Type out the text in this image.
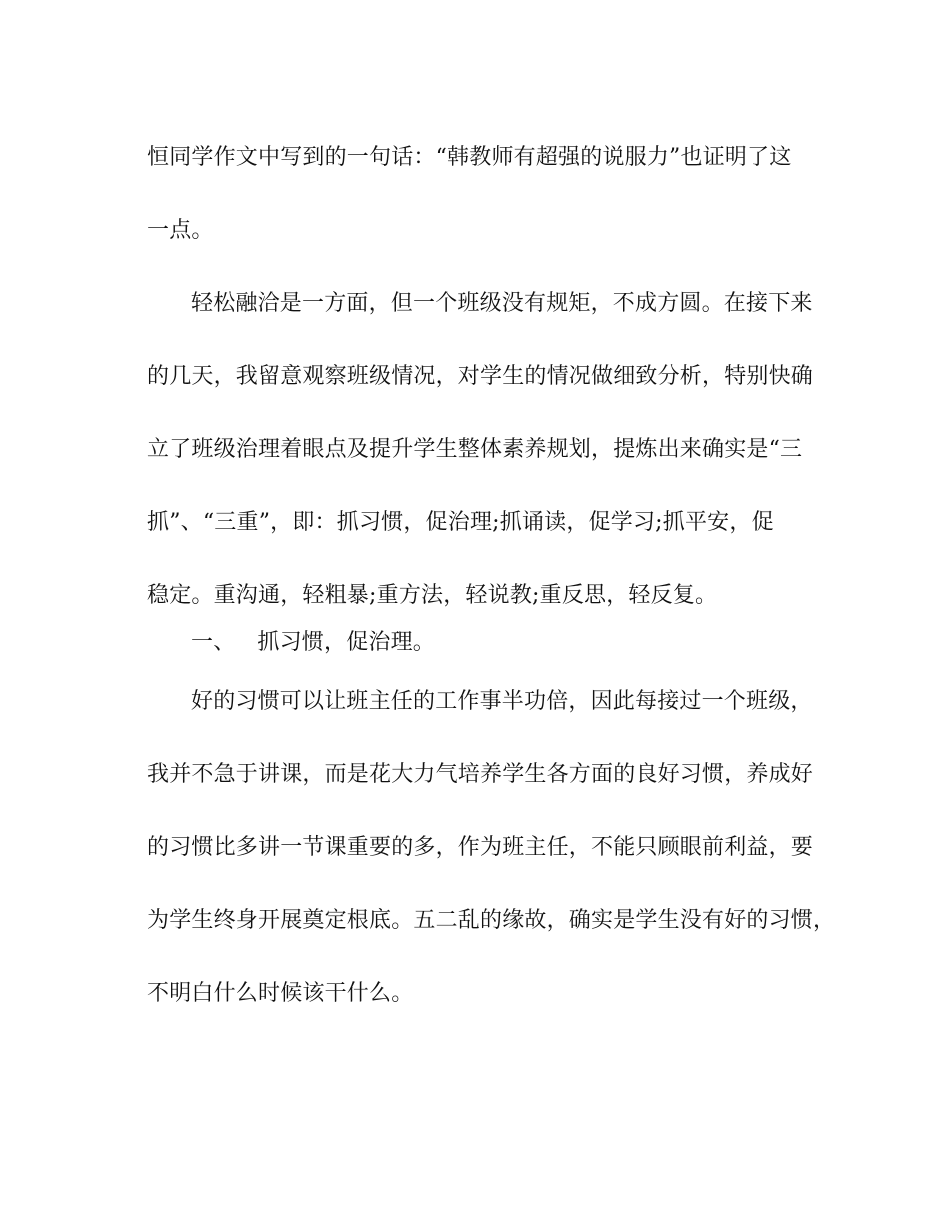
恒同学作文中写到的一句话：“韩教师有超强的说服力”也证明了这
一点。
轻松融洽是一方面，但一个班级没有规矩，不成方圆。在接下来
的几天，我留意观察班级情况，对学生的情况做细致分析，特别快确
立了班级治理着眼点及提升学生整体素养规划，提炼出来确实是“三
抓”、“三重”，即：抓习惯，促治理;抓诵读，促学习;抓平安，促
稳定。重沟通，轻粗暴;重方法，轻说教;重反思，轻反复。
一、 抓习惯，促治理。
好的习惯可以让班主任的工作事半功倍，因此每接过一个班级，
我并不急于讲课，而是花大力气培养学生各方面的良好习惯，养成好
的习惯比多讲一节课重要的多，作为班主任，不能只顾眼前利益，要
为学生终身开展奠定根底。五二乱的缘故，确实是学生没有好的习惯，
不明白什么时候该干什么。
